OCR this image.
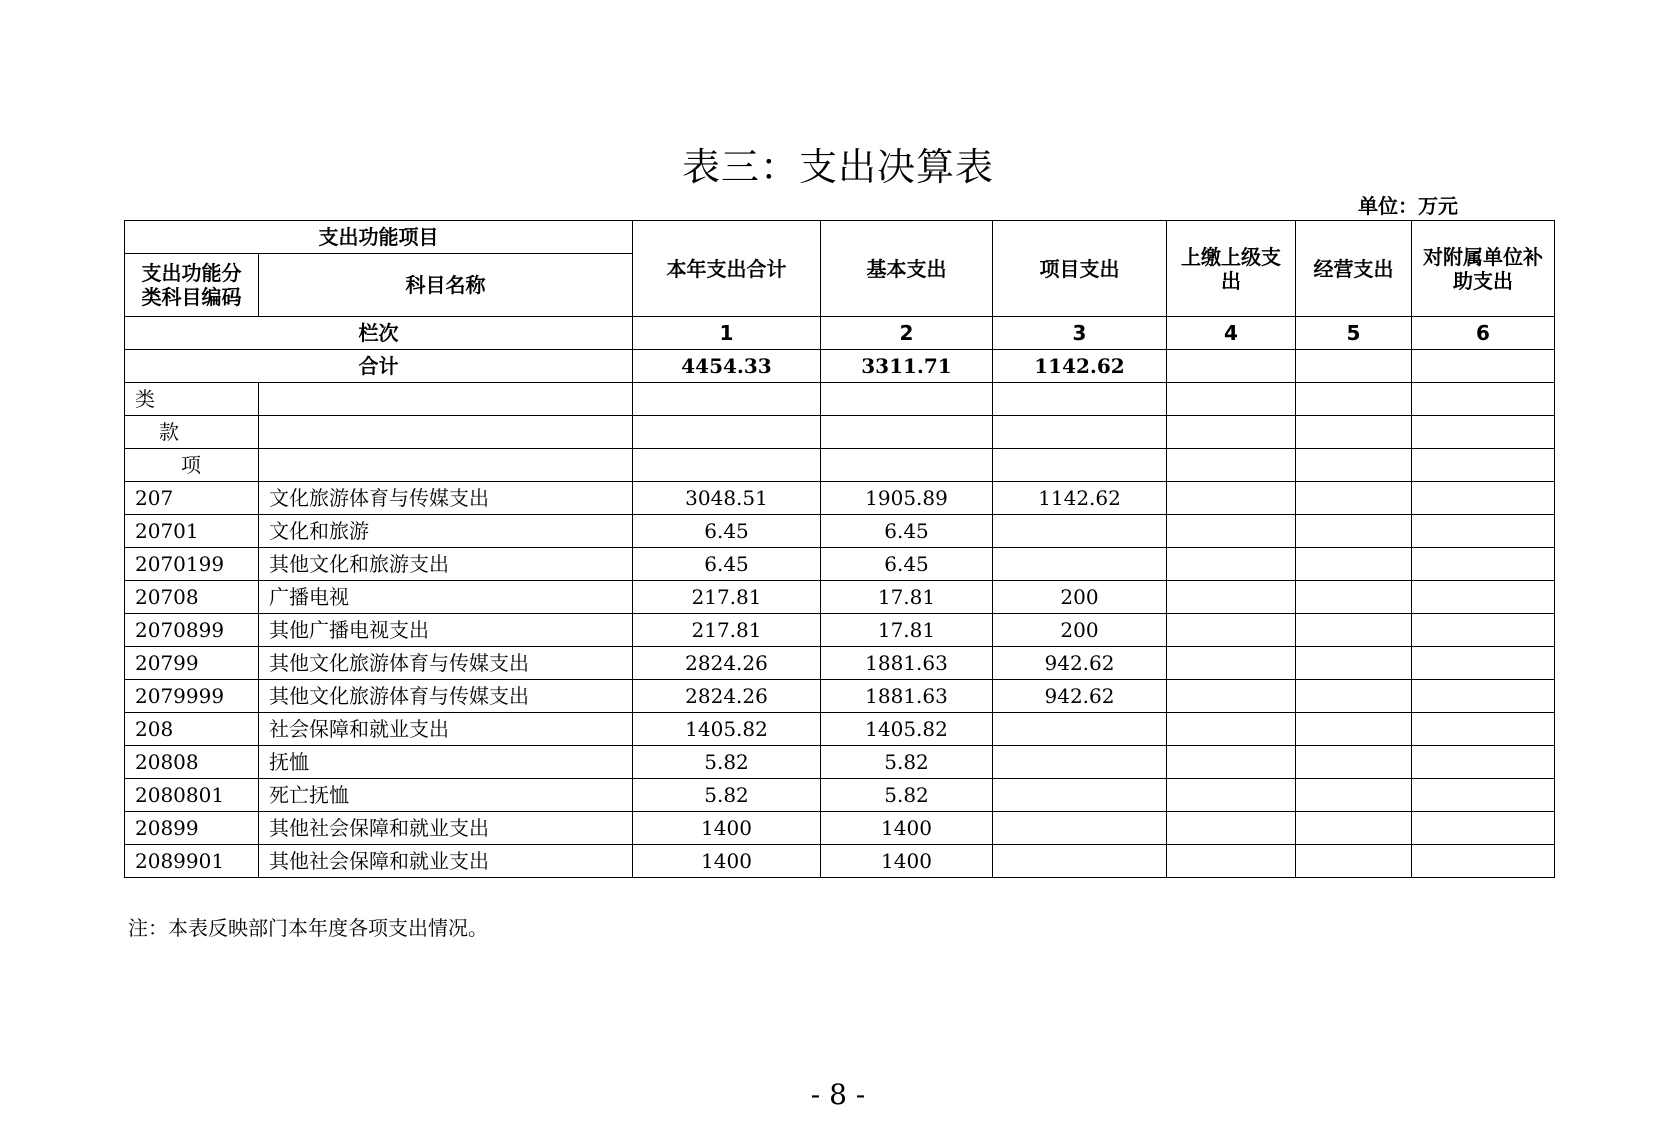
表三：支出决算表
单位：万元
支出功能项目		本年支出合计	基本支出	项目支出	上缴上级支出	经营支出	对附属单位补助支出
支出功能分类科目编码	科目名称						
栏次		1	2	3	4	5	6
合计		4454.33	3311.71	1142.62			
类							
款							
项							
207	文化旅游体育与传媒支出	3048.51	1905.89	1142.62			
20701	文化和旅游	6.45	6.45				
2070199	其他文化和旅游支出	6.45	6.45				
20708	广播电视	217.81	17.81	200			
2070899	其他广播电视支出	217.81	17.81	200			
20799	其他文化旅游体育与传媒支出	2824.26	1881.63	942.62			
2079999	其他文化旅游体育与传媒支出	2824.26	1881.63	942.62			
208	社会保障和就业支出	1405.82	1405.82				
20808	抚恤	5.82	5.82				
2080801	死亡抚恤	5.82	5.82				
20899	其他社会保障和就业支出	1400	1400				
2089901	其他社会保障和就业支出	1400	1400				
注：本表反映部门本年度各项支出情况。
- 8 -
